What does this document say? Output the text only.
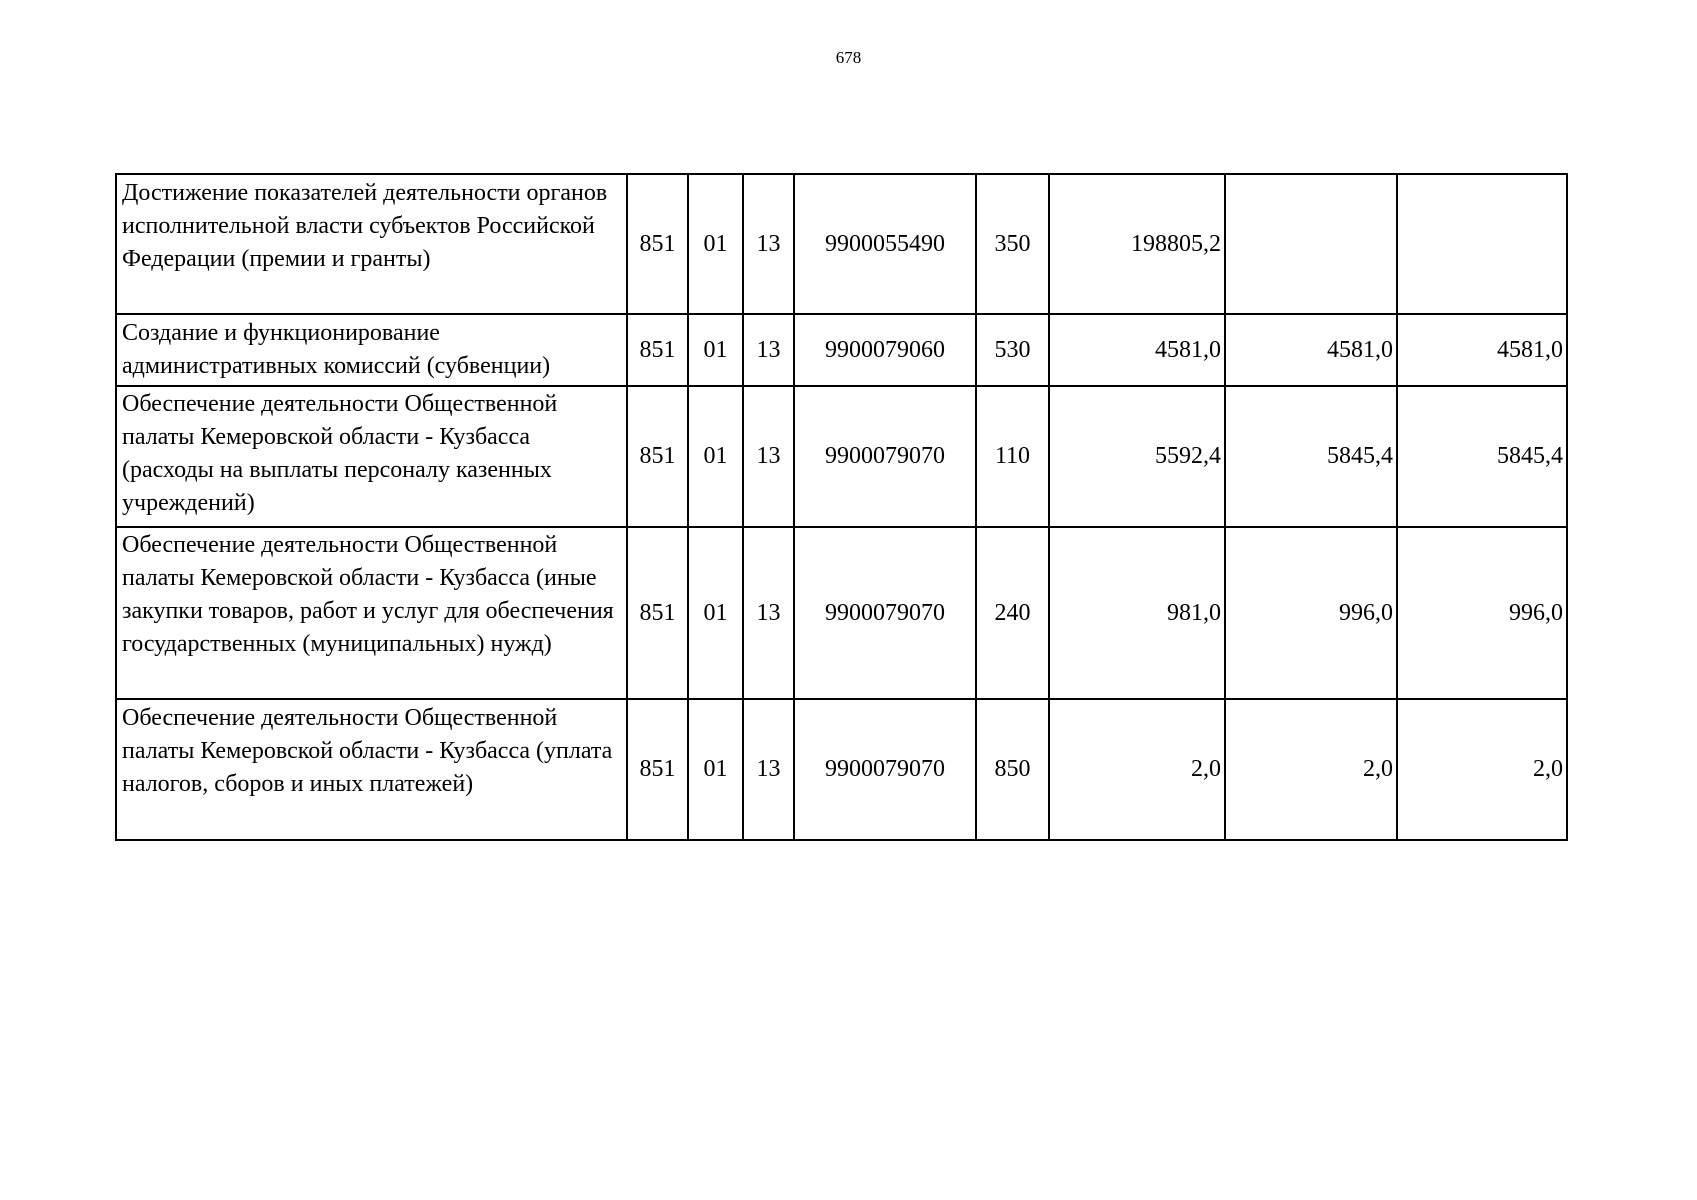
678
Достижение показателей деятельности органов исполнительной власти субъектов Российской Федерации (премии и гранты)	851	01	13	9900055490	350	198805,2		
Создание и функционирование административных комиссий (субвенции)	851	01	13	9900079060	530	4581,0	4581,0	4581,0
Обеспечение деятельности Общественной палаты Кемеровской области - Кузбасса (расходы на выплаты персоналу казенных учреждений)	851	01	13	9900079070	110	5592,4	5845,4	5845,4
Обеспечение деятельности Общественной палаты Кемеровской области - Кузбасса (иные закупки товаров, работ и услуг для обеспечения государственных (муниципальных) нужд)	851	01	13	9900079070	240	981,0	996,0	996,0
Обеспечение деятельности Общественной палаты Кемеровской области - Кузбасса (уплата налогов, сборов и иных платежей)	851	01	13	9900079070	850	2,0	2,0	2,0
